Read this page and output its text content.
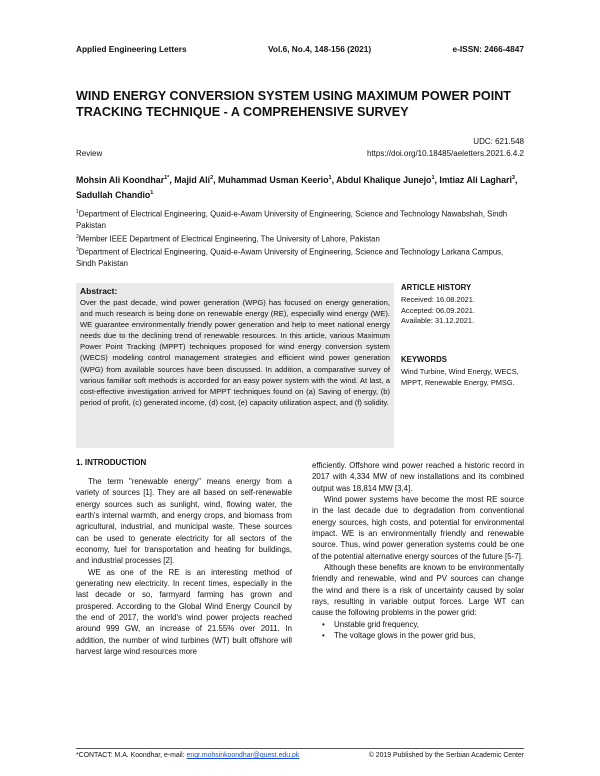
Applied Engineering Letters	Vol.6, No.4, 148-156 (2021)	e-ISSN: 2466-4847
WIND ENERGY CONVERSION SYSTEM USING MAXIMUM POWER POINT TRACKING TECHNIQUE - A COMPREHENSIVE SURVEY
UDC: 621.548
Review	https://doi.org/10.18485/aeletters.2021.6.4.2
Mohsin Ali Koondhar$^{1*}$, Majid Ali$^2$, Muhammad Usman Keerio$^1$, Abdul Khalique Junejo$^1$, Imtiaz Ali Laghari$^3$, Sadullah Chandio$^1$
$^1$Department of Electrical Engineering, Quaid-e-Awam University of Engineering, Science and Technology Nawabshah, Sindh Pakistan
$^2$Member IEEE Department of Electrical Engineering, The University of Lahore, Pakistan
$^3$Department of Electrical Engineering, Quaid-e-Awam University of Engineering, Science and Technology Larkana Campus, Sindh Pakistan
Abstract:
Over the past decade, wind power generation (WPG) has focused on energy generation, and much research is being done on renewable energy (RE), especially wind energy (WE). WE guarantee environmentally friendly power generation and help to meet national energy needs due to the declining trend of renewable resources. In this article, various Maximum Power Point Tracking (MPPT) techniques proposed for wind energy conversion system (WECS) modeling control management strategies and efficient wind power generation (WPG) from available sources have been discussed. In addition, a comparative survey of various familiar soft methods is accorded for an easy power system with the wind. At last, a cost-effective investigation arrived for MPPT techniques found on (a) Saving of energy, (b) period of profit, (c) generated income, (d) cost, (e) capacity utilization aspect, and (f) solidity.
ARTICLE HISTORY
Received: 16.08.2021.
Accepted: 06.09.2021.
Available: 31.12.2021.
KEYWORDS
Wind Turbine, Wind Energy, WECS, MPPT, Renewable Energy, PMSG.
1. INTRODUCTION

The term "renewable energy" means energy from a variety of sources [1]. They are all based on self-renewable energy sources such as sunlight, wind, flowing water, the earth's internal warmth, and energy crops, and biomass from agricultural, industrial, and municipal waste. These sources can be used to generate electricity for all sectors of the economy, fuel for transportation and heating for buildings, and industrial processes [2].

WE as one of the RE is an interesting method of generating new electricity. In recent times, especially in the last decade or so, farmyard farming has grown and prospered. According to the Global Wind Energy Council by the end of 2017, the world's wind power projects reached around 999 GW, an increase of 21.55% over 2011. In addition, the number of wind turbines (WT) built offshore will harvest large wind resources more

efficiently. Offshore wind power reached a historic record in 2017 with 4,334 MW of new installations and its combined output was 18,814 MW [3,4].

Wind power systems have become the most RE source in the last decade due to degradation from conventional energy sources, high costs, and potential for environmental impact. WE is an environmentally friendly and renewable source. Thus, wind power generation systems could be one of the potential alternative energy sources of the future [5-7].

Although these benefits are known to be environmentally friendly and renewable, wind and PV sources can change the wind and there is a risk of uncertainty caused by solar rays, resulting in variable output forces. Large WT can cause the following problems in the power grid:

• Unstable grid frequency,
• The voltage glows in the power grid bus,
*CONTACT: M.A. Koondhar, e-mail: engr.mohsinkoondhar@quest.edu.pk	© 2019 Published by the Serbian Academic Center
